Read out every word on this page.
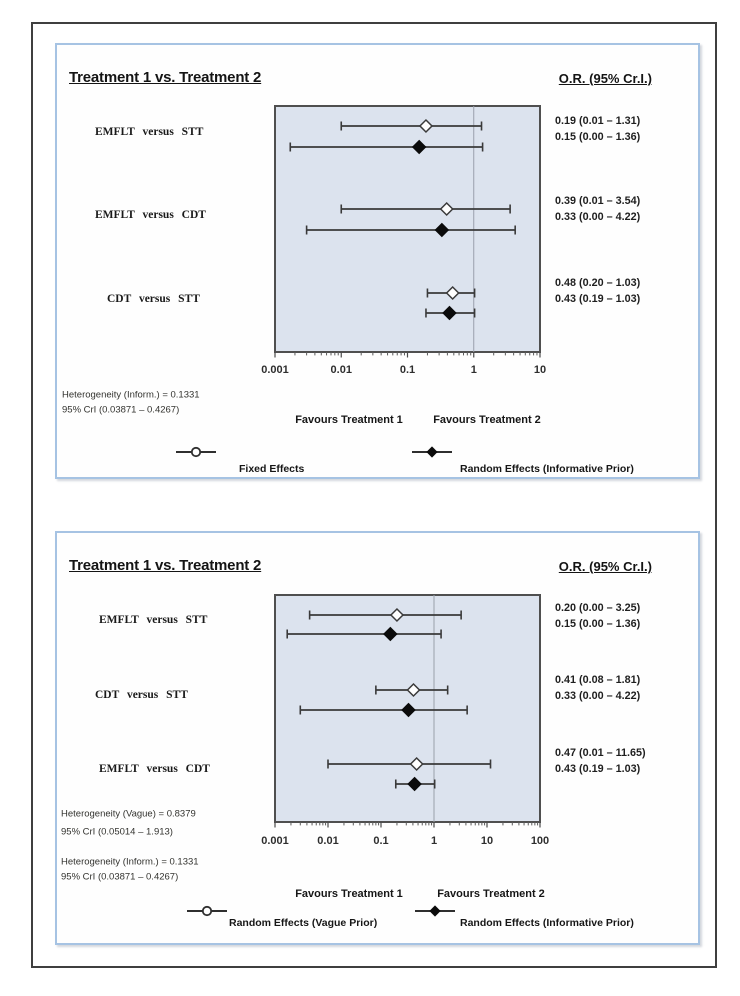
Treatment 1 vs. Treatment 2	O.R. (95% Cr.I.)
0.001	0.01	0.1	1	10
EMFLT versus STT
0.19 (0.01 – 1.31)
0.15 (0.00 – 1.36)
EMFLT versus CDT
0.39 (0.01 – 3.54)
0.33 (0.00 – 4.22)
CDT versus STT
0.48 (0.20 – 1.03)
0.43 (0.19 – 1.03)
Heterogeneity (Inform.) = 0.1331
95% CrI (0.03871 – 0.4267)
Favours Treatment 1	Favours Treatment 2
Fixed Effects	Random Effects (Informative Prior)
Treatment 1 vs. Treatment 2	O.R. (95% Cr.I.)
0.001	0.01	0.1	1	10	100
EMFLT versus STT
0.20 (0.00 – 3.25)
0.15 (0.00 – 1.36)
CDT versus STT
0.41 (0.08 – 1.81)
0.33 (0.00 – 4.22)
EMFLT versus CDT
0.47 (0.01 – 11.65)
0.43 (0.19 – 1.03)
Heterogeneity (Vague) = 0.8379
95% CrI (0.05014 – 1.913)
Heterogeneity (Inform.) = 0.1331
95% CrI (0.03871 – 0.4267)
Favours Treatment 1	Favours Treatment 2
Random Effects (Vague Prior)	Random Effects (Informative Prior)
